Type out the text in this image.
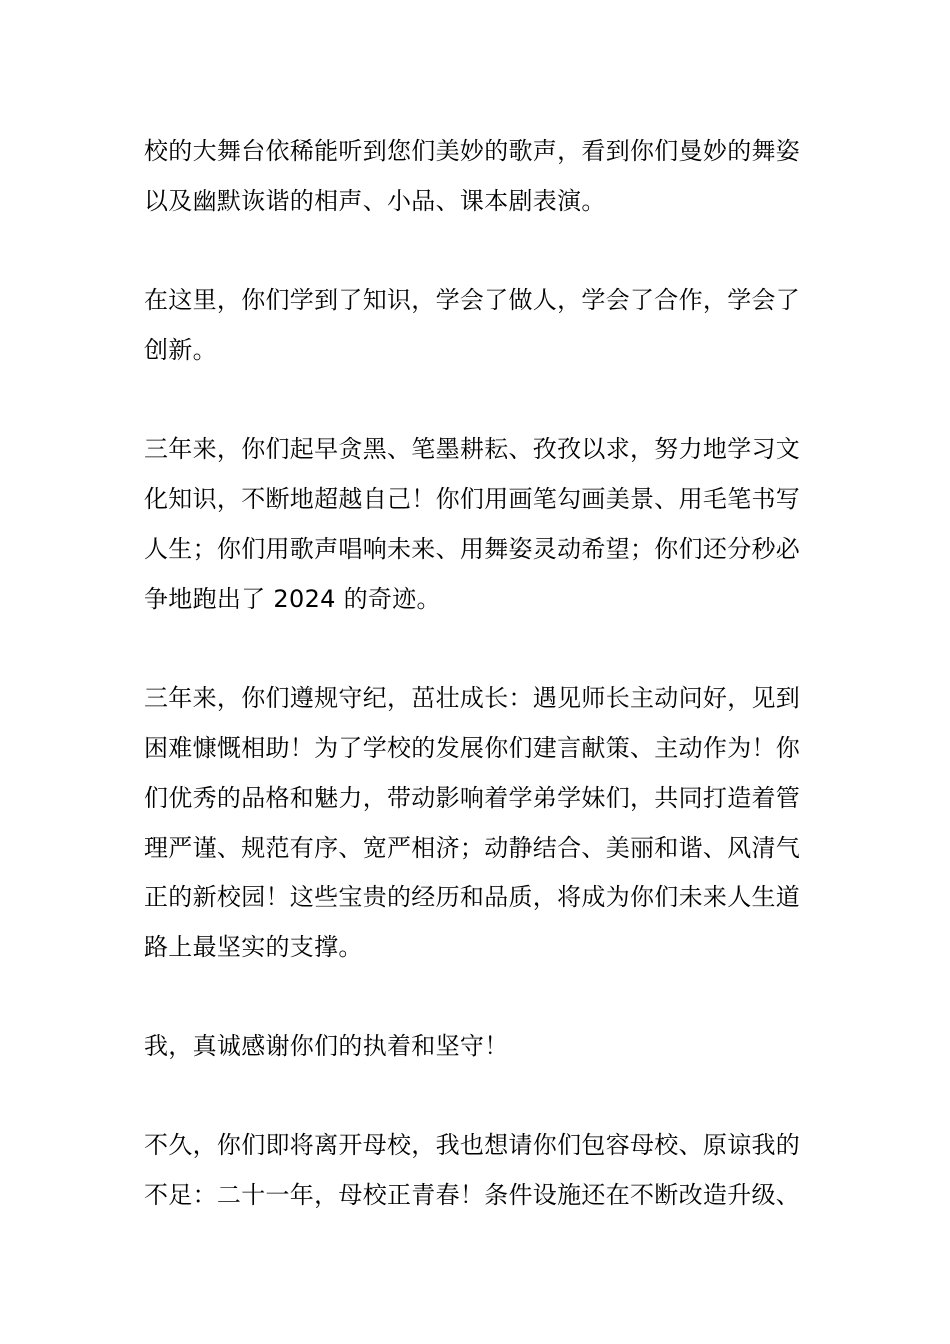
校的大舞台依稀能听到您们美妙的歌声，看到你们曼妙的舞姿
以及幽默诙谐的相声、小品、课本剧表演。
在这里，你们学到了知识，学会了做人，学会了合作，学会了
创新。
三年来，你们起早贪黑、笔墨耕耘、孜孜以求，努力地学习文
化知识，不断地超越自己！你们用画笔勾画美景、用毛笔书写
人生；你们用歌声唱响未来、用舞姿灵动希望；你们还分秒必
争地跑出了 2024 的奇迹。
三年来，你们遵规守纪，茁壮成长：遇见师长主动问好，见到
困难慷慨相助！为了学校的发展你们建言献策、主动作为！你
们优秀的品格和魅力，带动影响着学弟学妹们，共同打造着管
理严谨、规范有序、宽严相济；动静结合、美丽和谐、风清气
正的新校园！这些宝贵的经历和品质，将成为你们未来人生道
路上最坚实的支撑。
我，真诚感谢你们的执着和坚守！
不久，你们即将离开母校，我也想请你们包容母校、原谅我的
不足：二十一年，母校正青春！条件设施还在不断改造升级、
